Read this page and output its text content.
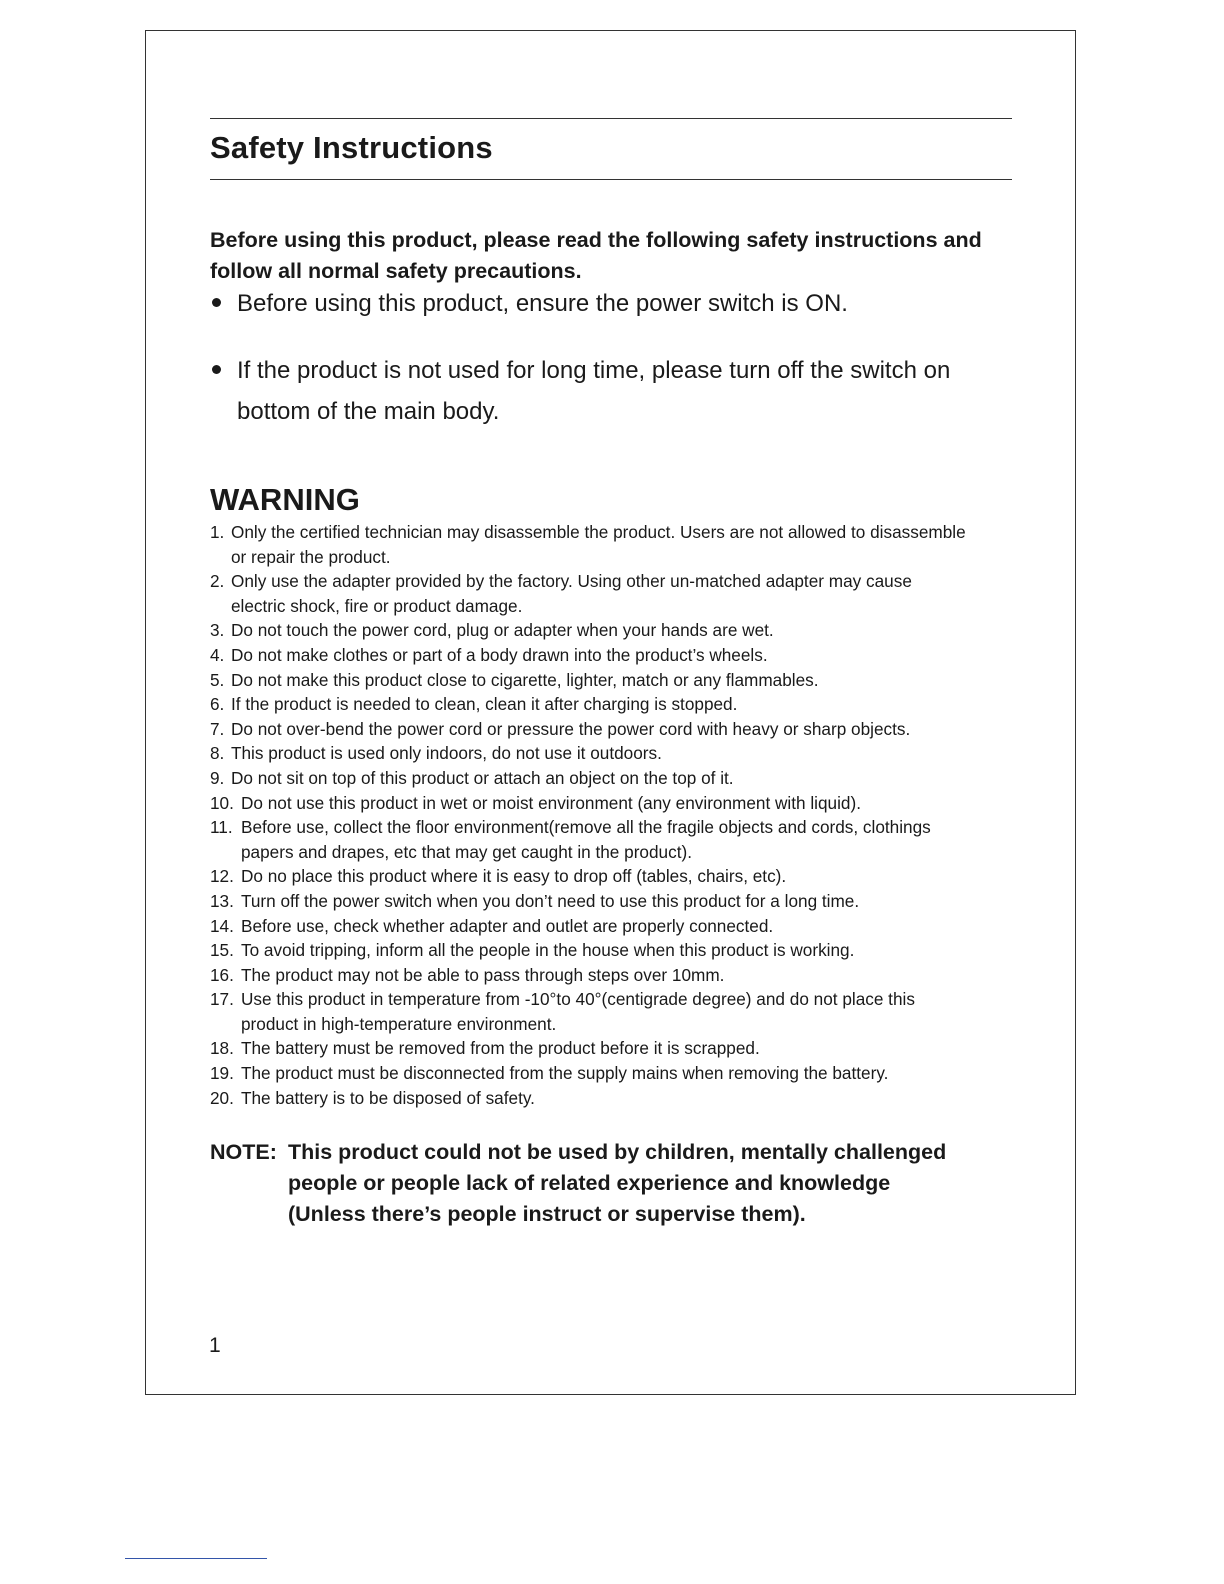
Safety Instructions
Before using this product, please read the following safety instructions and follow all normal safety precautions.
Before using this product, ensure the power switch is ON.
If the product is not used for long time, please turn off the switch on
bottom of the main body.
WARNING
1. Only the certified technician may disassemble the product. Users are not allowed to disassemble
or repair the product.
2. Only use the adapter provided by the factory. Using other un-matched adapter may cause
electric shock, fire or product damage.
3. Do not touch the power cord, plug or adapter when your hands are wet.
4. Do not make clothes or part of a body drawn into the product’s wheels.
5. Do not make this product close to cigarette, lighter, match or any flammables.
6. If the product is needed to clean, clean it after charging is stopped.
7. Do not over-bend the power cord or pressure the power cord with heavy or sharp objects.
8. This product is used only indoors, do not use it outdoors.
9. Do not sit on top of this product or attach an object on the top of it.
10. Do not use this product in wet or moist environment (any environment with liquid).
11. Before use, collect the floor environment(remove all the fragile objects and cords, clothings
papers and drapes, etc that may get caught in the product).
12. Do no place this product where it is easy to drop off (tables, chairs, etc).
13. Turn off the power switch when you don’t need to use this product for a long time.
14. Before use, check whether adapter and outlet are properly connected.
15. To avoid tripping, inform all the people in the house when this product is working.
16. The product may not be able to pass through steps over 10mm.
17. Use this product in temperature from -10°to 40°(centigrade degree) and do not place this
product in high-temperature environment.
18. The battery must be removed from the product before it is scrapped.
19. The product must be disconnected from the supply mains when removing the battery.
20. The battery is to be disposed of safety.
NOTE: This product could not be used by children, mentally challenged
people or people lack of related experience and knowledge
(Unless there’s people instruct or supervise them).
1
